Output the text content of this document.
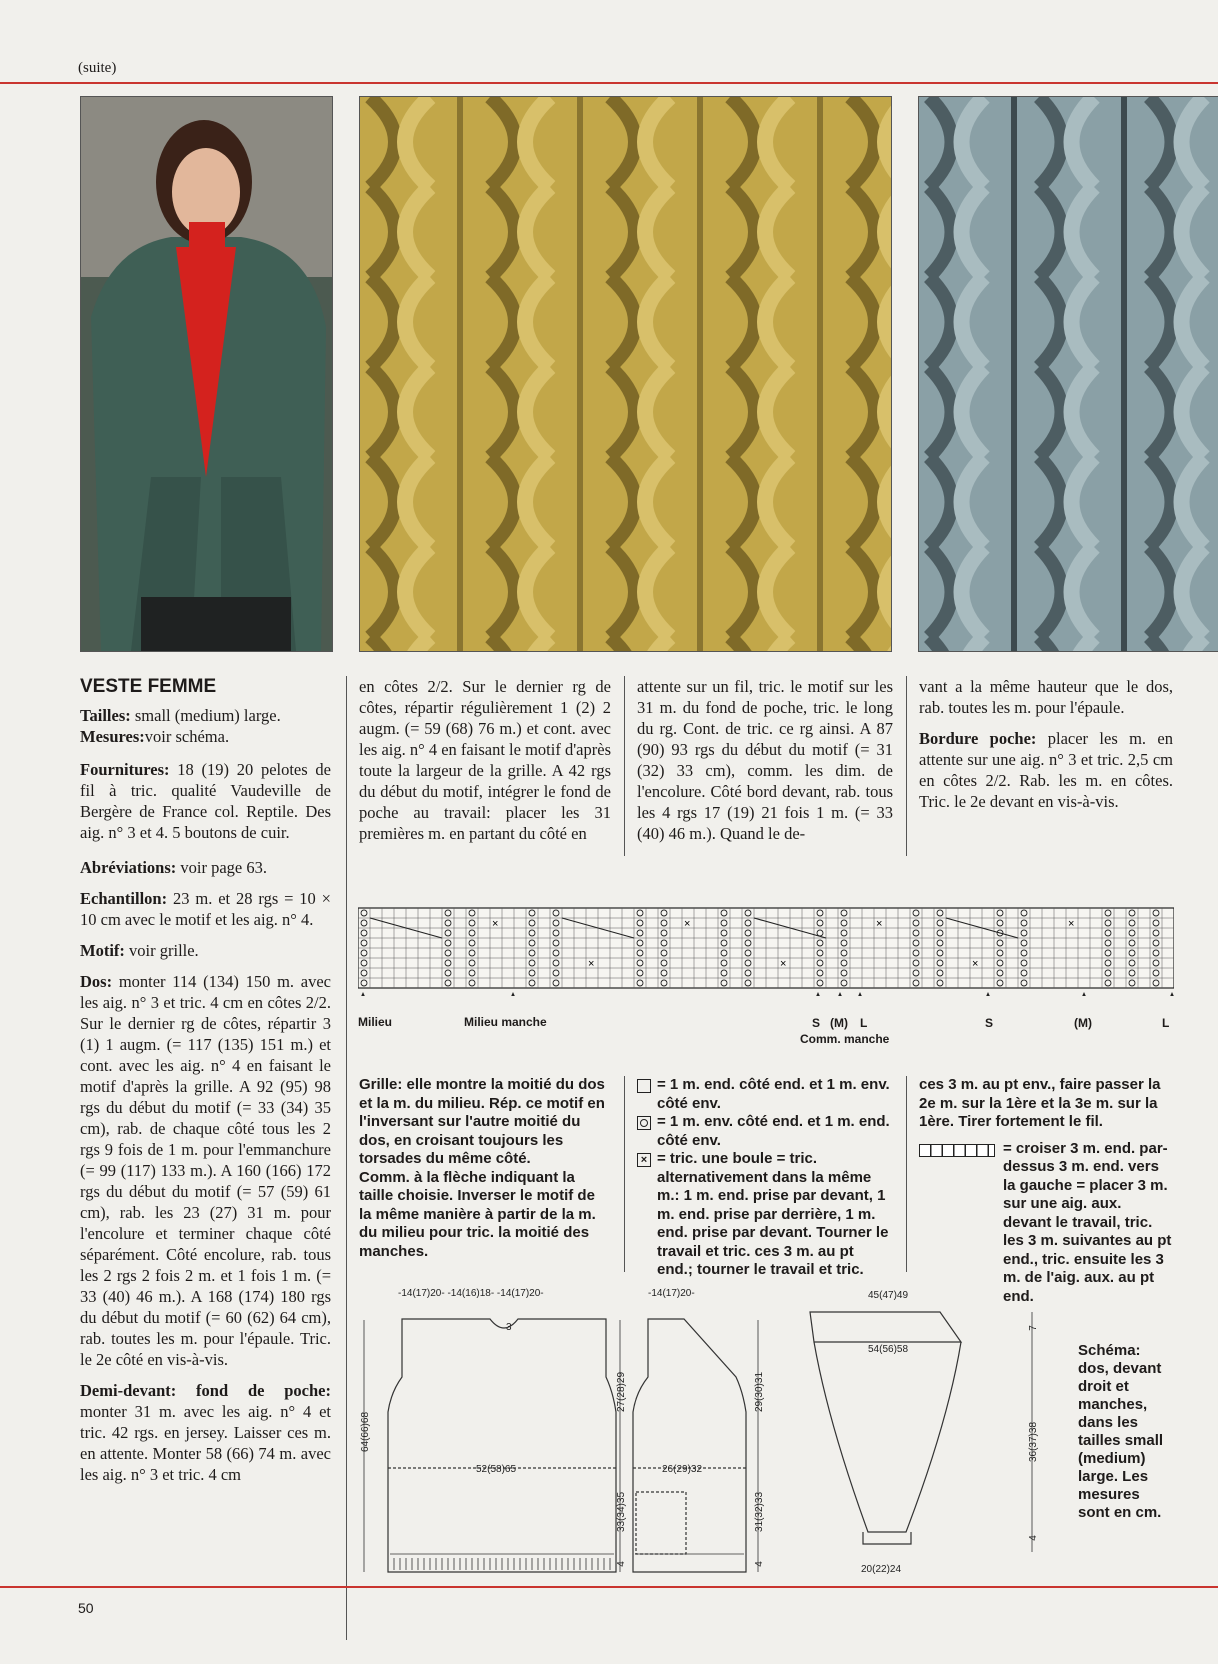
(suite)
VESTE FEMME

Tailles: small (medium) large.
Mesures:voir schéma.

Fournitures: 18 (19) 20 pelotes de fil à tric. qualité Vaudeville de Bergère de France col. Reptile. Des aig. n° 3 et 4. 5 boutons de cuir.

Abréviations: voir page 63.

Echantillon: 23 m. et 28 rgs = 10 × 10 cm avec le motif et les aig. n° 4.

Motif: voir grille.

Dos: monter 114 (134) 150 m. avec les aig. n° 3 et tric. 4 cm en côtes 2/2. Sur le dernier rg de côtes, répartir 3 (1) 1 augm. (= 117 (135) 151 m.) et cont. avec les aig. n° 4 en faisant le motif d'après la grille. A 92 (95) 98 rgs du début du motif (= 33 (34) 35 cm), rab. de chaque côté tous les 2 rgs 9 fois de 1 m. pour l'emmanchure (= 99 (117) 133 m.). A 160 (166) 172 rgs du début du motif (= 57 (59) 61 cm), rab. les 23 (27) 31 m. pour l'encolure et terminer chaque côté séparément. Côté encolure, rab. tous les 2 rgs 2 fois 2 m. et 1 fois 1 m. (= 33 (40) 46 m.). A 168 (174) 180 rgs du début du motif (= 60 (62) 64 cm), rab. toutes les m. pour l'épaule. Tric. le 2e côté en vis-à-vis.

Demi-devant: fond de poche: monter 31 m. avec les aig. n° 4 et tric. 42 rgs. en jersey. Laisser ces m. en attente. Monter 58 (66) 74 m. avec les aig. n° 3 et tric. 4 cm

en côtes 2/2. Sur le dernier rg de côtes, répartir régulièrement 1 (2) 2 augm. (= 59 (68) 76 m.) et cont. avec les aig. n° 4 en faisant le motif d'après toute la largeur de la grille. A 42 rgs du début du motif, intégrer le fond de poche au travail: placer les 31 premières m. en partant du côté en

attente sur un fil, tric. le motif sur les 31 m. du fond de poche, tric. le long du rg. Cont. de tric. ce rg ainsi. A 87 (90) 93 rgs du début du motif (= 31 (32) 33 cm), comm. les dim. de l'encolure. Côté bord devant, rab. tous les 4 rgs 17 (19) 21 fois 1 m. (= 33 (40) 46 m.). Quand le de-

vant a la même hauteur que le dos, rab. toutes les m. pour l'épaule.

Bordure poche: placer les m. en attente sur une aig. n° 3 et tric. 2,5 cm en côtes 2/2. Rab. les m. en côtes. Tric. le 2e devant en vis-à-vis.

×
×
×
×
×
×
×
Milieu	Milieu manche	S (M) L
Comm. manche
S	(M)	L
Grille: elle montre la moitié du dos et la m. du milieu. Rép. ce motif en l'inversant sur l'autre moitié du dos, en croisant toujours les torsades du même côté.
Comm. à la flèche indiquant la taille choisie. Inverser le motif de la même manière à partir de la m. du milieu pour tric. la moitié des manches.
= 1 m. end. côté end. et 1 m. env. côté env.
= 1 m. env. côté end. et 1 m. end. côté env.
× = tric. une boule = tric. alternativement dans la même m.: 1 m. end. prise par devant, 1 m. end. prise par derrière, 1 m. end. prise par devant. Tourner le travail et tric. ces 3 m. au pt end.; tourner le travail et tric.
ces 3 m. au pt env., faire passer la 2e m. sur la 1ère et la 3e m. sur la 1ère. Tirer fortement le fil.
= croiser 3 m. end. par-dessus 3 m. end. vers la gauche = placer 3 m. sur une aig. aux. devant le travail, tric. les 3 m. suivantes au pt end., tric. ensuite les 3 m. de l'aig. aux. au pt end.
-14(17)20- -14(16)18- -14(17)20-
3
52(58)65
64(66)68
27(28)29
33(34)35
4
-14(17)20-
26(29)32
29(30)31
31(32)33
4
45(47)49
54(56)58
20(22)24
7
36(37)38
4
Schéma: dos, devant droit et manches, dans les tailles small (medium) large. Les mesures sont en cm.
50
